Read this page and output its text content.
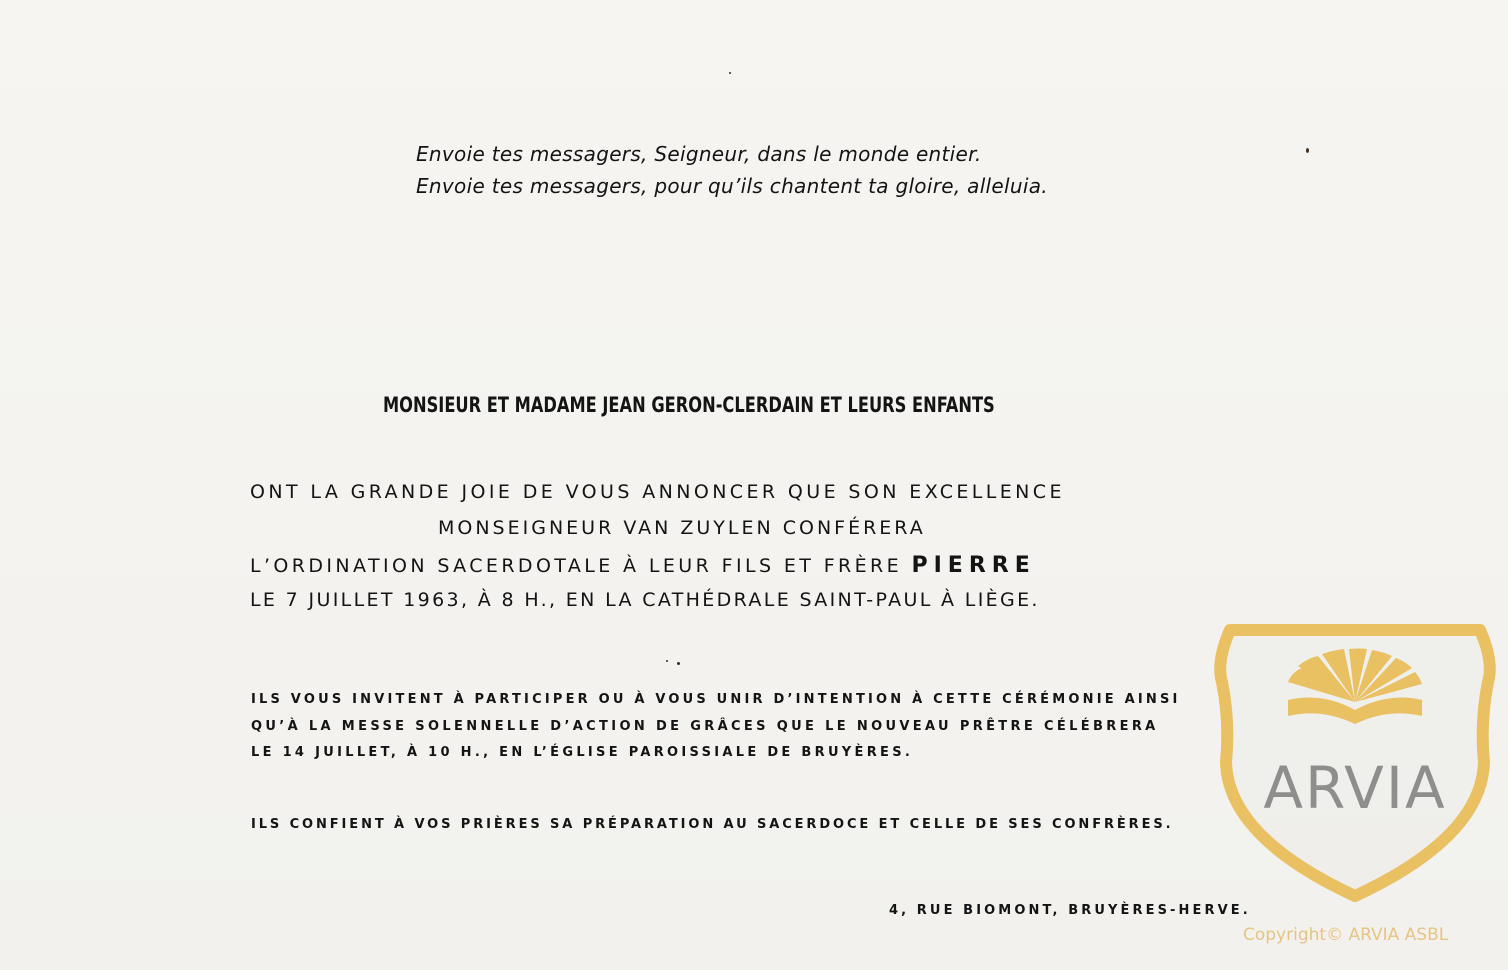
Envoie tes messagers, Seigneur, dans le monde entier.
Envoie tes messagers, pour qu’ils chantent ta gloire, alleluia.
MONSIEUR ET MADAME JEAN GERON-CLERDAIN ET LEURS ENFANTS
ONT LA GRANDE JOIE DE VOUS ANNONCER QUE SON EXCELLENCE
MONSEIGNEUR VAN ZUYLEN CONFÉRERA
L’ORDINATION SACERDOTALE À LEUR FILS ET FRÈRE PIERRE
LE 7 JUILLET 1963, À 8 H., EN LA CATHÉDRALE SAINT-PAUL À LIÈGE.
ILS VOUS INVITENT À PARTICIPER OU À VOUS UNIR D’INTENTION À CETTE CÉRÉMONIE AINSI
QU’À LA MESSE SOLENNELLE D’ACTION DE GRÂCES QUE LE NOUVEAU PRÊTRE CÉLÉBRERA
LE 14 JUILLET, À 10 H., EN L’ÉGLISE PAROISSIALE DE BRUYÈRES.
ILS CONFIENT À VOS PRIÈRES SA PRÉPARATION AU SACERDOCE ET CELLE DE SES CONFRÈRES.
4, RUE BIOMONT, BRUYÈRES-HERVE.
ARVIA
Copyright© ARVIA ASBL
